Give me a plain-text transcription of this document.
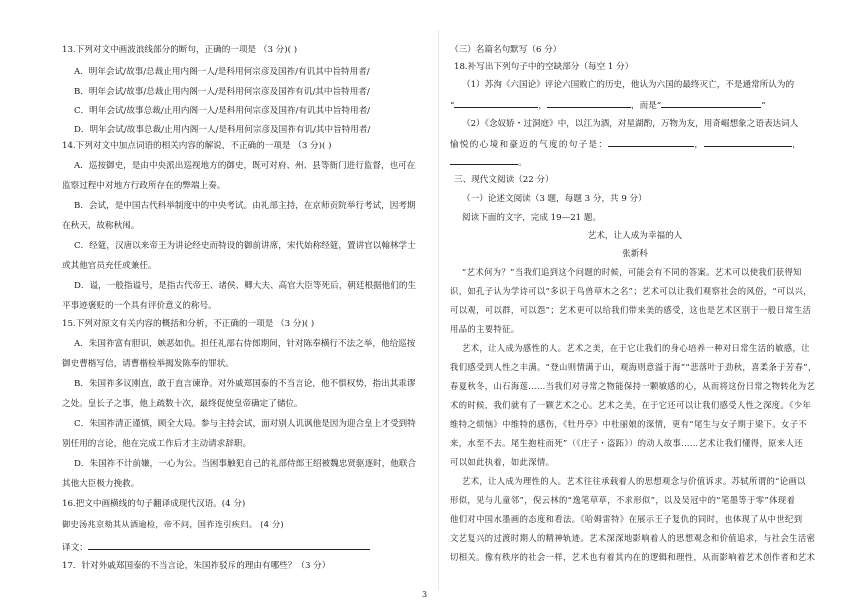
13.下列对文中画波浪线部分的断句，正确的一项是 （3 分)( )
A．明年会试/故事/总裁止用内阁一人/是科用何宗彦及国祚/有讥其中旨特用者/
B．明年会试/故事/总裁止用内阁一人/是科用何宗彦及国祚有讥/其中旨特用者/
C．明年会试/故事总裁/止用内阁一人/是科用何宗彦及国祚/有讥其中旨特用者/
D．明年会试/故事总裁/止用内阁一人/是科用何宗彦及国祚有讥/其中旨特用者/
14.下列对文中加点词语的相关内容的解说，不正确的一项是 （3 分)( )
A．巡按御史，是由中央派出巡视地方的御史，既可对府、州、县等衙门进行监督，也可在
监察过程中对地方行政所存在的弊端上奏。
B．会试，是中国古代科举制度中的中央考试。由礼部主持，在京师贡院举行考试，因考期
在秋天，故称秋闱。
C．经筵，汉唐以来帝王为讲论经史而特设的御前讲席，宋代始称经筵，置讲官以翰林学士
或其他官员充任或兼任。
D．谥，一般指谥号，是指古代帝王、诸侯、卿大夫、高官大臣等死后，朝廷根据他们的生
平事迹褒贬的一个具有评价意义的称号。
15.下列对原文有关内容的概括和分析，不正确的一项是 （3 分)( )
A．朱国祚富有胆识，嫉恶如仇。担任礼部右侍郎期间，针对陈奉横行不法之举，他给巡按
御史曹楷写信，请曹楷检举揭发陈奉的罪状。
B．朱国祚多议刚直，敢于直言谏诤。对外戚郑国泰的不当言论，他不惧权势，指出其乖谬
之处。皇长子之事，他上疏数十次，最终促使皇帝确定了储位。
C．朱国祚清正谨慎，顾全大局。参与主持会试，面对别人讥讽他是因为迎合皇上才受到特
别任用的言论，他在完成工作后才主动请求辞职。
D．朱国祚不计前嫌，一心为公。当困事触犯自己的礼部侍郎王绍被魏忠贤驱逐时，他联合
其他大臣极力挽救。
16.把文中画横线的句子翻译成现代汉语。(4 分)
御史汤兆京劾其从酒逾检，帝不问，国祚连引疾归。 (4 分)
译文：
17．针对外戚郑国泰的不当言论，朱国祚驳斥的理由有哪些？（3 分）
（三）名篇名句默写（6 分）
18.补写出下列句子中的空缺部分（每空 1 分）
（1）苏洵《六国论》评论六国败亡的历史，他认为六国的最终灭亡，不是通常所认为的
“	，	，而是“	”
（2）《念奴娇・过洞庭》中，以江为酒，对星湖酌，万物为友，用奇崛想象之语表达词人
愉悦的心境和豪迈的气度的句子是：	，	，
。
三、现代文阅读（22 分）
（一）论述文阅读（3 题，每题 3 分，共 9 分）
阅读下面的文字，完成 19—21 题。
艺术，让人成为幸福的人
张新科
“艺术何为？”当我们追到这个问题的时候，可能会有不同的答案。艺术可以使我们获得知
识，如孔子认为学诗可以“多识于鸟兽草木之名”；艺术可以让我们观察社会的风俗，“可以兴，
可以观，可以群，可以怨”；艺术更可以给我们带来美的感受，这也是艺术区别于一般日常生活
用品的主要特征。
艺术，让人成为感性的人。艺术之美，在于它让我们的身心培养一种对日常生活的敏感，让
我们感受到人性之丰满。“登山则情满于山，观海则意溢于海”“悲落叶于劲秋，喜柔条于芳春”，
春夏秋冬，山石海莲……当我们对寻常之物能保持一颗敏感的心，从而将这份日常之物转化为艺
术的时候，我们就有了一颗艺术之心。艺术之美，在于它还可以让我们感受人性之深度。《少年
维特之烦恼》中维特的感伤，《牡丹亭》中杜丽娘的深情，更有“尾生与女子期于梁下。女子不
来，水至不去。尾生抱柱而死”（《庄子・盗跖》）的动人故事……艺术让我们懂得，原来人还
可以如此执着，如此深情。
艺术，让人成为理性的人。艺术往往承载着人的思想观念与价值诉求。苏轼所谓的“论画以
形似，见与儿童邻”，倪云林的“逸笔草草，不求形似”，以及吴冠中的“笔墨等于零”体现着
他们对中国水墨画的态度和看法。《哈姆雷特》在展示王子复仇的同时，也体现了从中世纪到
文艺复兴的过渡时期人的精神轨迹。艺术深深地影响着人的思想观念和价值追求，与社会生活密
切相关。像有秩序的社会一样，艺术也有着其内在的逻辑和理性，从而影响着艺术创作者和艺术
3
